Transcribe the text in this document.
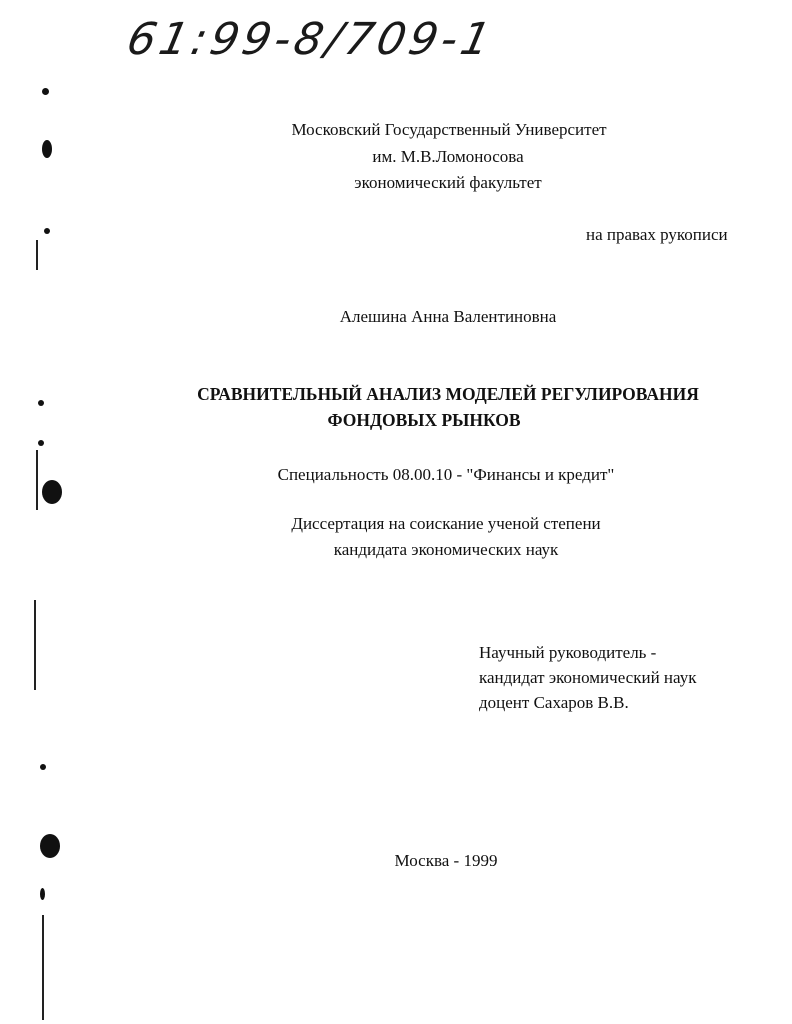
61:99-8/709-1
Московский Государственный Университет
им. М.В.Ломоносова
экономический факультет
на правах рукописи
Алешина Анна Валентиновна
СРАВНИТЕЛЬНЫЙ АНАЛИЗ МОДЕЛЕЙ РЕГУЛИРОВАНИЯ
ФОНДОВЫХ РЫНКОВ
Специальность 08.00.10 - "Финансы и кредит"
Диссертация на соискание ученой степени
кандидата экономических наук
Научный руководитель -
кандидат экономический наук
доцент Сахаров В.В.
Москва - 1999
